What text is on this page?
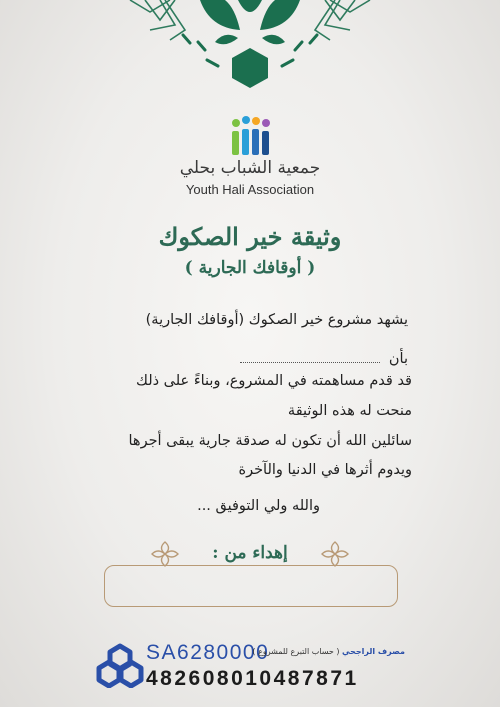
جمعية الشباب بحلي
Youth Hali Association
وثيقة خير الصكوك
( أوقافك الجارية )
يشهد مشروع خير الصكوك (أوقافك الجارية)
بأن
قد قدم مساهمته في المشروع، وبناءً على ذلك
منحت له هذه الوثيقة
سائلين الله أن تكون له صدقة جارية يبقى أجرها
ويدوم أثرها في الدنيا والآخرة
والله ولي التوفيق ...
إهداء من :
SA6280000
482608010487871
مصرف الراجحي ( حساب التبرع للمشروع )
